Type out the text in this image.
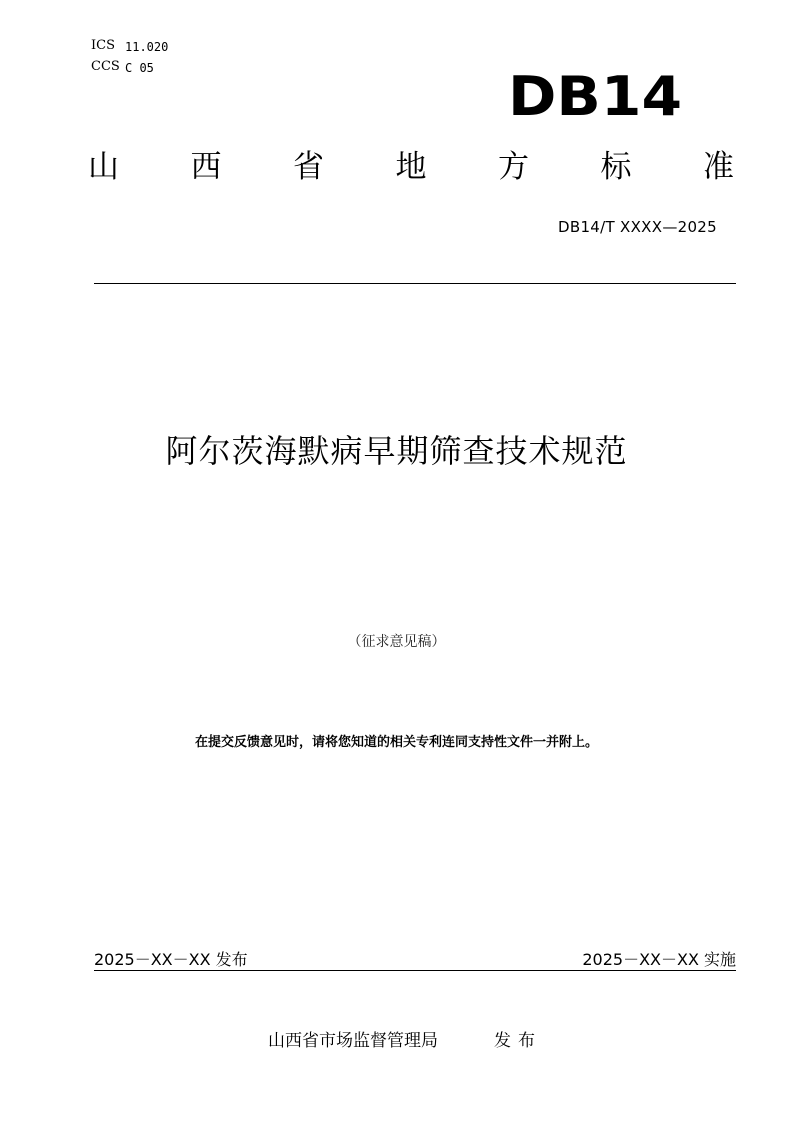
ICS 11.020
CCS C 05	DB14
山 西 省 地 方 标 准
DB14/T XXXX—2025
阿尔茨海默病早期筛查技术规范
（征求意见稿）
在提交反馈意见时，请将您知道的相关专利连同支持性文件一并附上。
2025－XX－XX 发布	2025－XX－XX 实施
山西省市场监督管理局	发布
